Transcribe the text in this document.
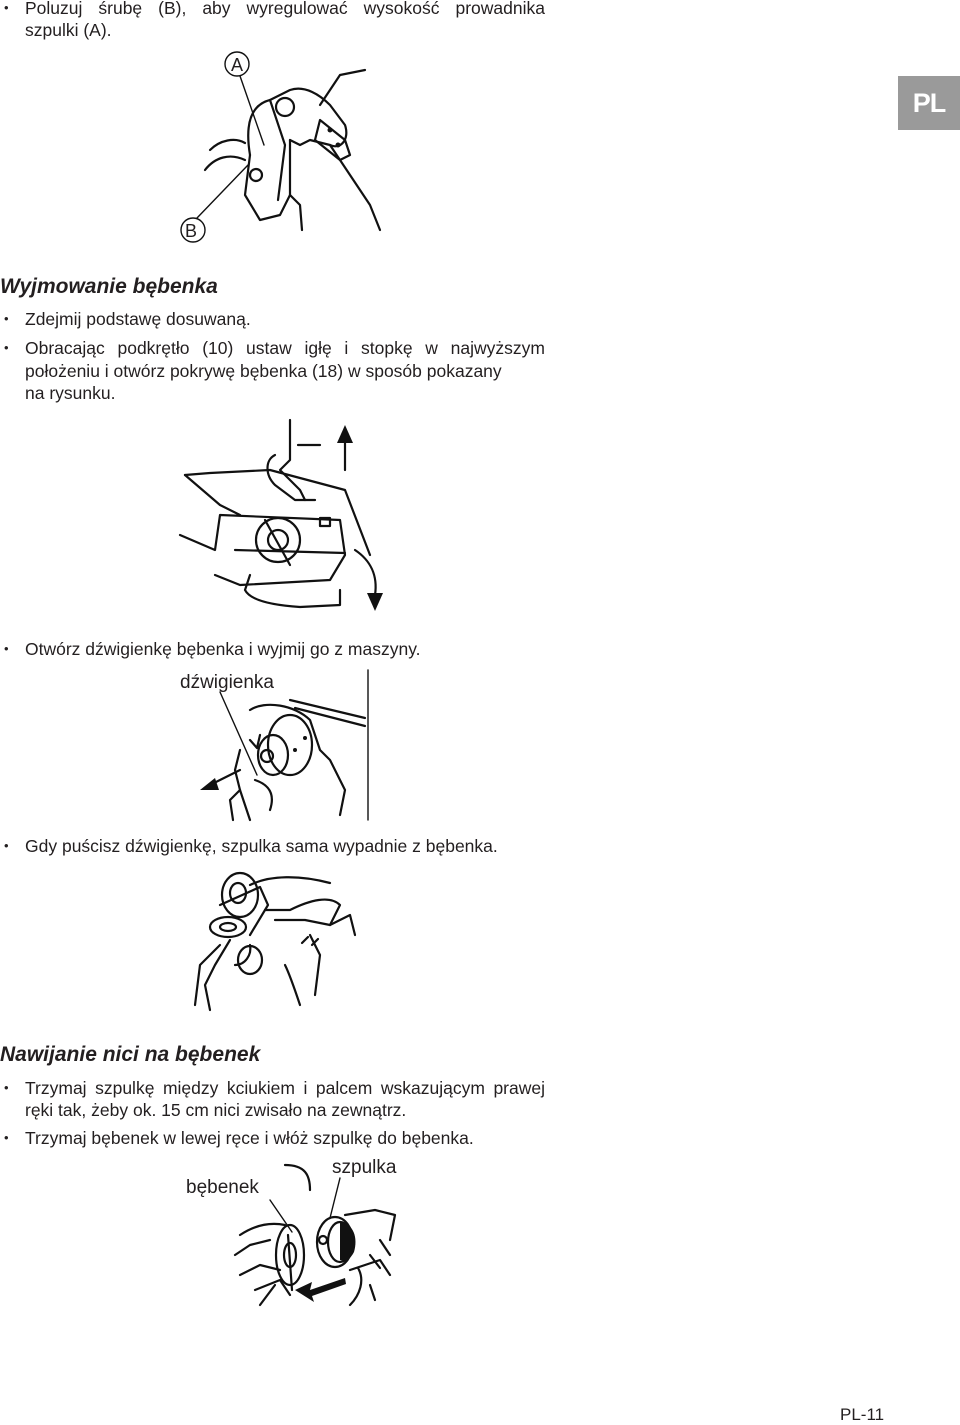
PL
• Poluzuj śrubę (B), aby wyregulować wysokość prowadnika
szpulki (A).
A
B
Wyjmowanie bębenka
• Zdejmij podstawę dosuwaną.
• Obracając podkrętło (10) ustaw igłę i stopkę w najwyższym
położeniu i otwórz pokrywę bębenka (18) w sposób pokazany
na rysunku.
• Otwórz dźwigienkę bębenka i wyjmij go z maszyny.
dźwigienka
• Gdy puścisz dźwigienkę, szpulka sama wypadnie z bębenka.
Nawijanie nici na bębenek
• Trzymaj szpulkę między kciukiem i palcem wskazującym prawej
ręki tak, żeby ok. 15 cm nici zwisało na zewnątrz.
• Trzymaj bębenek w lewej ręce i włóż szpulkę do bębenka.
szpulka
bębenek
PL-11
